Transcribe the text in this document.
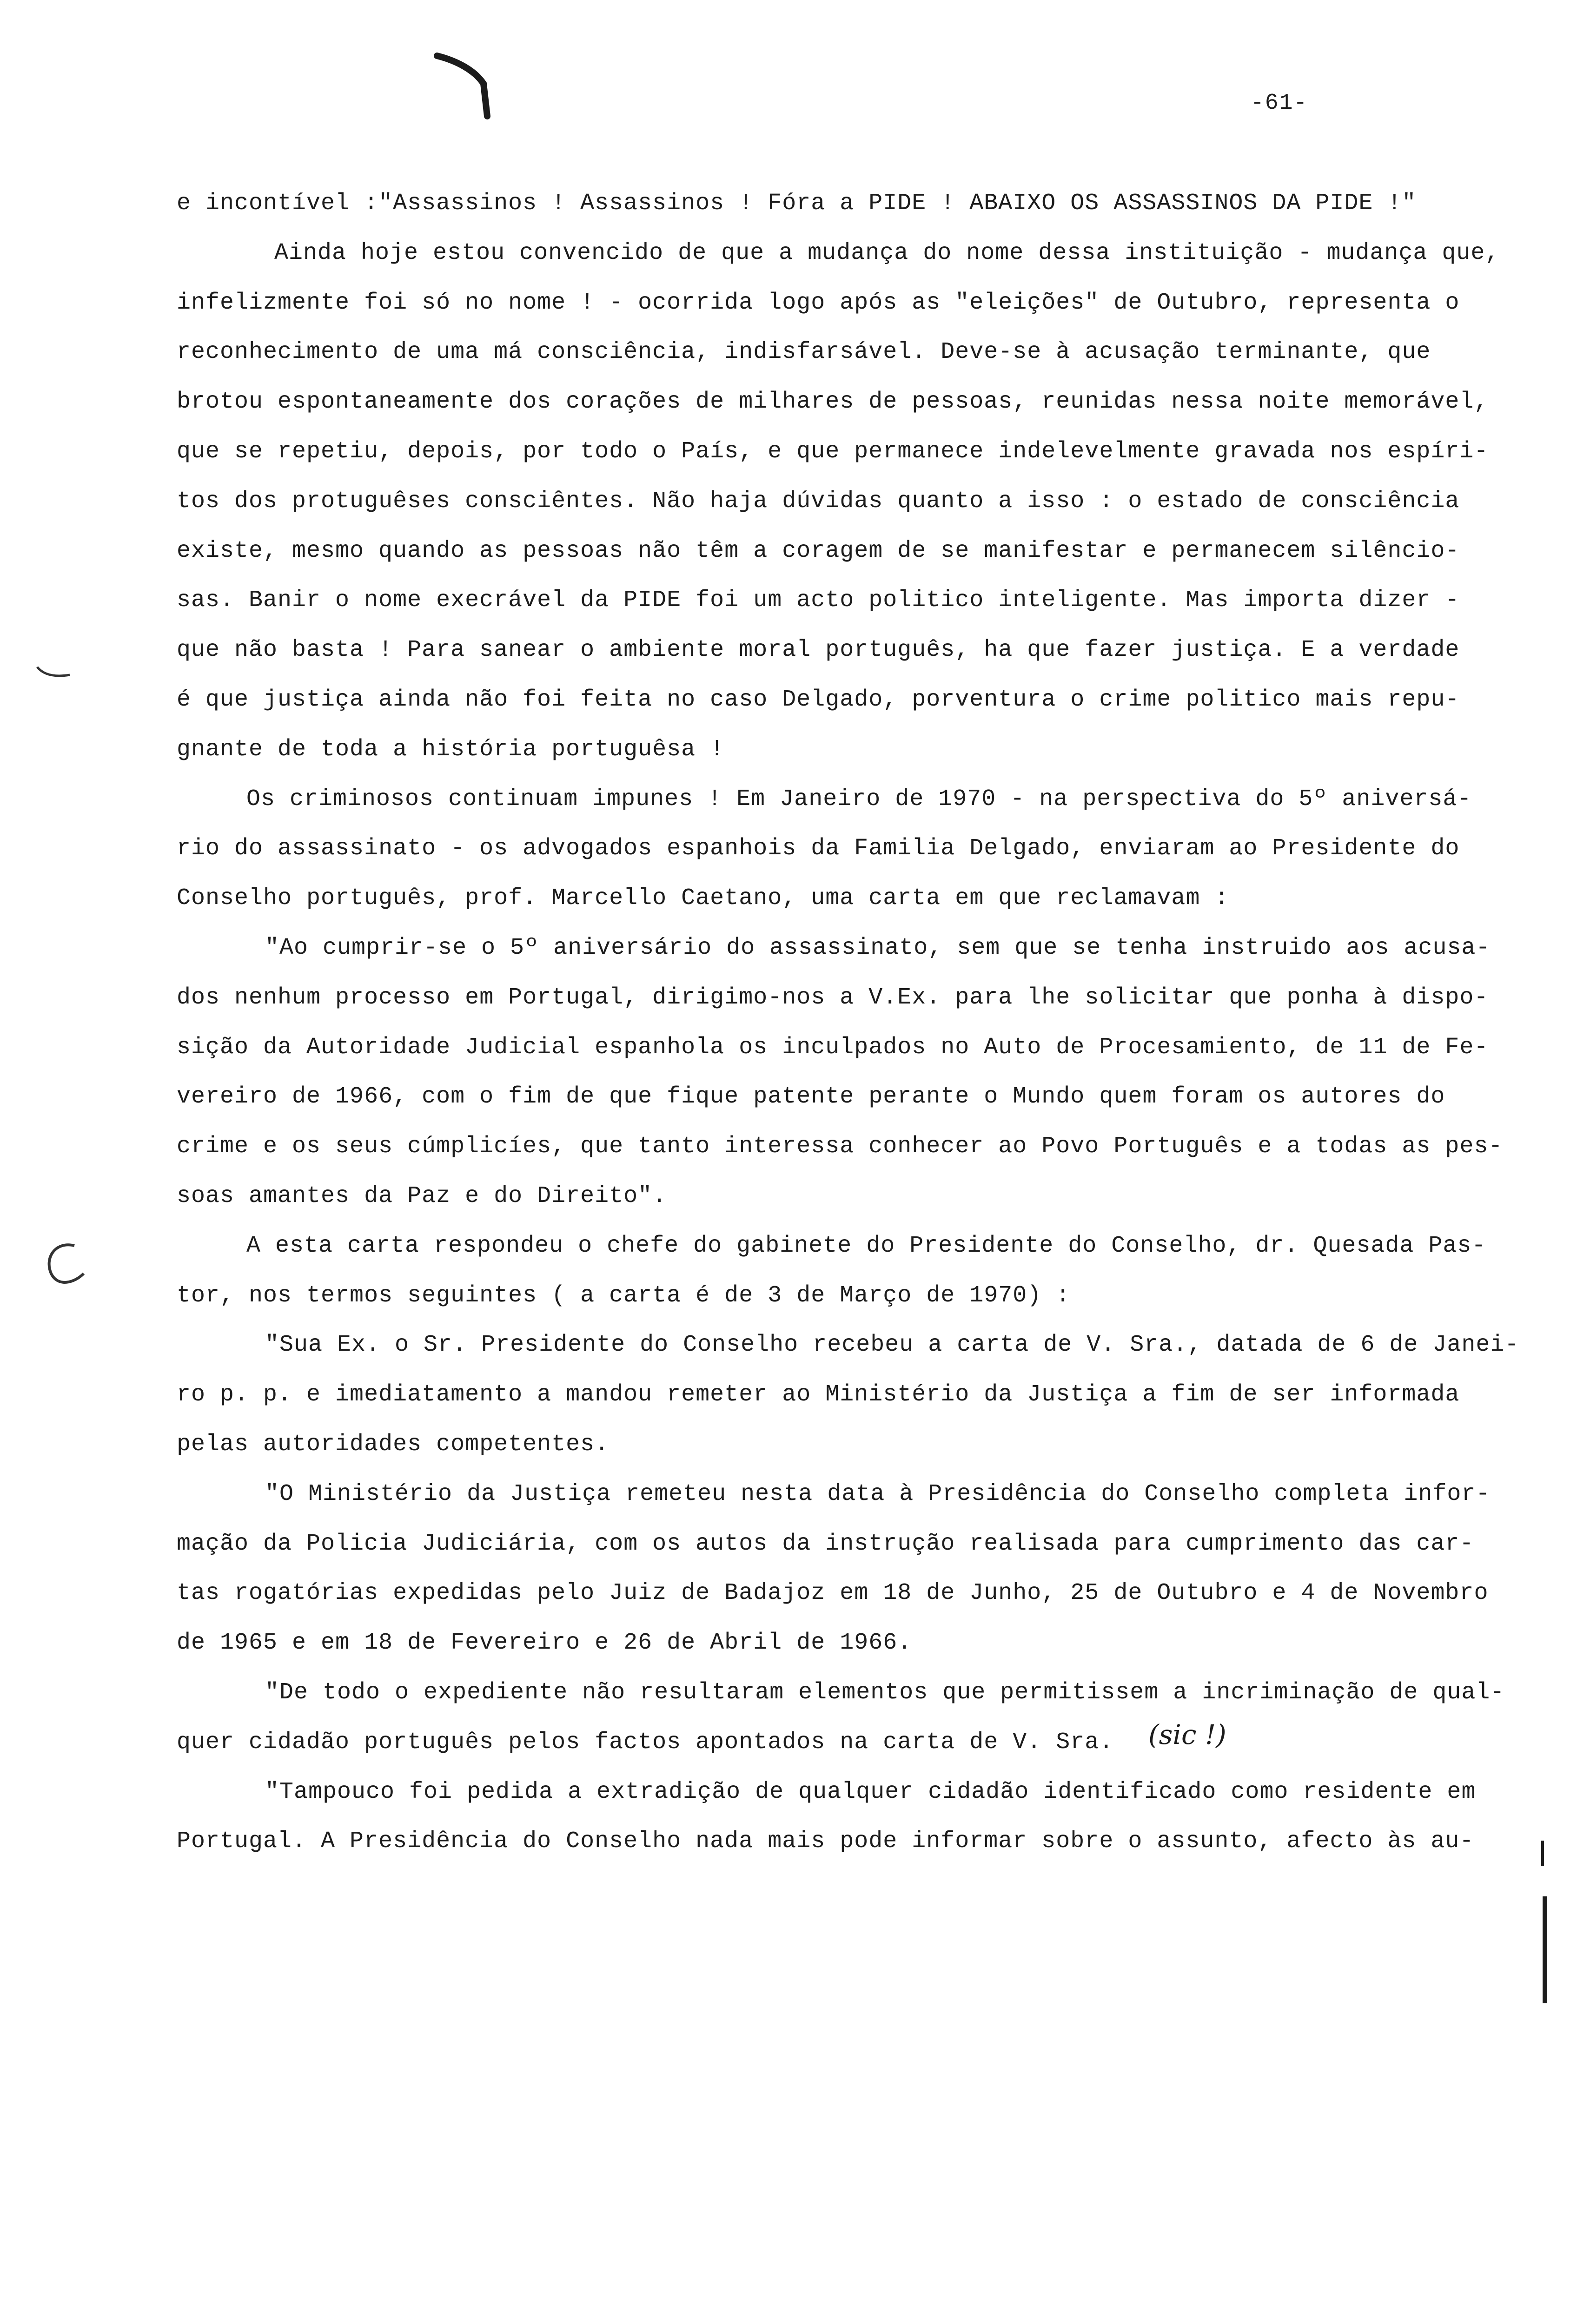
-61-
e incontível :"Assassinos ! Assassinos ! Fóra a PIDE ! ABAIXO OS ASSASSINOS DA PIDE !"
Ainda hoje estou convencido de que a mudança do nome dessa instituição - mudança que,
infelizmente foi só no nome ! - ocorrida logo após as "eleições" de Outubro, representa o
reconhecimento de uma má consciência, indisfarsável. Deve-se à acusação terminante, que
brotou espontaneamente dos corações de milhares de pessoas, reunidas nessa noite memorável,
que se repetiu, depois, por todo o País, e que permanece indelevelmente gravada nos espíri-
tos dos protuguêses consciêntes. Não haja dúvidas quanto a isso : o estado de consciência
existe, mesmo quando as pessoas não têm a coragem de se manifestar e permanecem silêncio-
sas. Banir o nome execrável da PIDE foi um acto politico inteligente. Mas importa dizer -
que não basta ! Para sanear o ambiente moral português, ha que fazer justiça. E a verdade
é que justiça ainda não foi feita no caso Delgado, porventura o crime politico mais repu-
gnante de toda a história portuguêsa !
Os criminosos continuam impunes ! Em Janeiro de 1970 - na perspectiva do 5º aniversá-
rio do assassinato - os advogados espanhois da Familia Delgado, enviaram ao Presidente do
Conselho português, prof. Marcello Caetano, uma carta em que reclamavam :
"Ao cumprir-se o 5º aniversário do assassinato, sem que se tenha instruido aos acusa-
dos nenhum processo em Portugal, dirigimo-nos a V.Ex. para lhe solicitar que ponha à dispo-
sição da Autoridade Judicial espanhola os inculpados no Auto de Procesamiento, de 11 de Fe-
vereiro de 1966, com o fim de que fique patente perante o Mundo quem foram os autores do
crime e os seus cúmplicíes, que tanto interessa conhecer ao Povo Português e a todas as pes-
soas amantes da Paz e do Direito".
A esta carta respondeu o chefe do gabinete do Presidente do Conselho, dr. Quesada Pas-
tor, nos termos seguintes ( a carta é de 3 de Março de 1970) :
"Sua Ex. o Sr. Presidente do Conselho recebeu a carta de V. Sra., datada de 6 de Janei-
ro p. p. e imediatamento a mandou remeter ao Ministério da Justiça a fim de ser informada
pelas autoridades competentes.
"O Ministério da Justiça remeteu nesta data à Presidência do Conselho completa infor-
mação da Policia Judiciária, com os autos da instrução realisada para cumprimento das car-
tas rogatórias expedidas pelo Juiz de Badajoz em 18 de Junho, 25 de Outubro e 4 de Novembro
de 1965 e em 18 de Fevereiro e 26 de Abril de 1966.
"De todo o expediente não resultaram elementos que permitissem a incriminação de qual-
quer cidadão português pelos factos apontados na carta de V. Sra.
"Tampouco foi pedida a extradição de qualquer cidadão identificado como residente em
Portugal. A Presidência do Conselho nada mais pode informar sobre o assunto, afecto às au-
(sic !)
